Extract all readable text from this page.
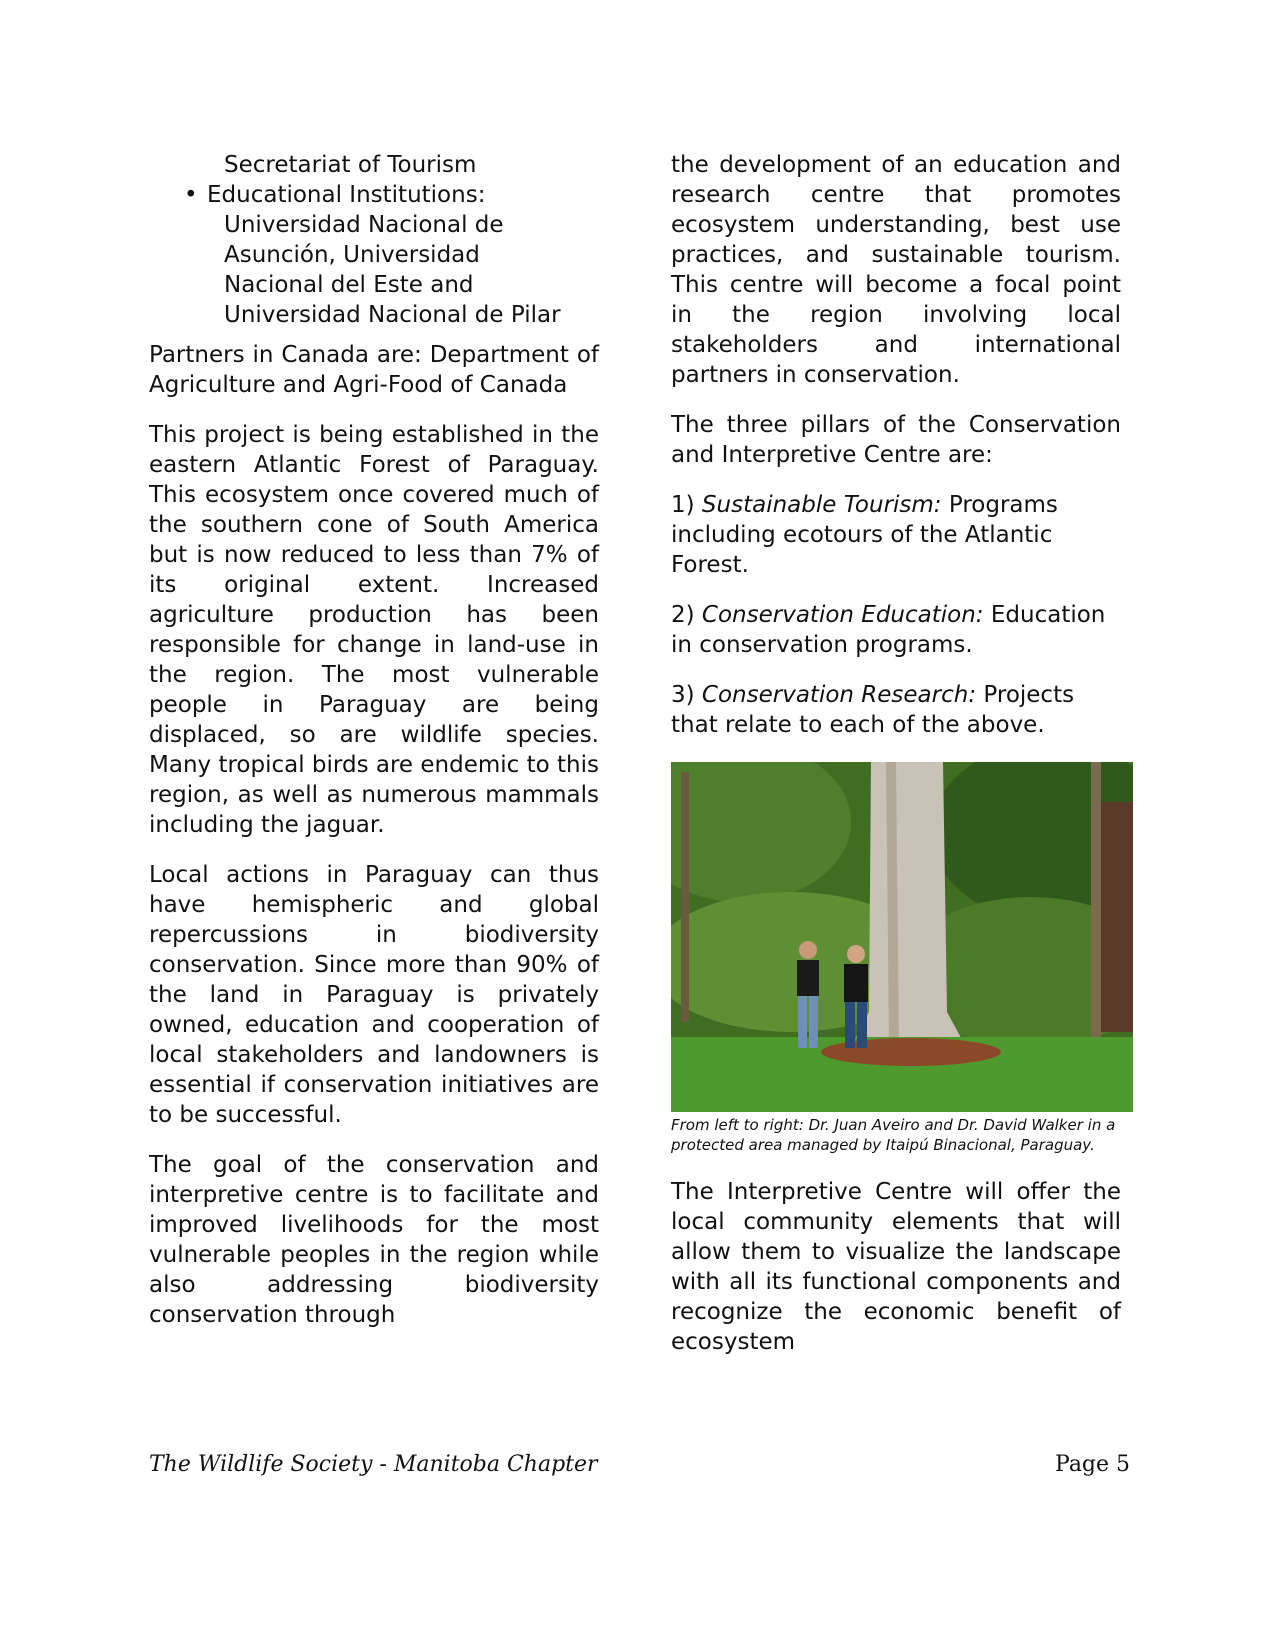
Secretariat of Tourism
• Educational Institutions:
Universidad Nacional de
Asunción, Universidad
Nacional del Este and
Universidad Nacional de Pilar

Partners in Canada are: Department of Agriculture and Agri-Food of Canada

This project is being established in the eastern Atlantic Forest of Paraguay. This ecosystem once covered much of the southern cone of South America but is now reduced to less than 7% of its original extent. Increased agriculture production has been responsible for change in land-use in the region. The most vulnerable people in Paraguay are being displaced, so are wildlife species. Many tropical birds are endemic to this region, as well as numerous mammals including the jaguar.

Local actions in Paraguay can thus have hemispheric and global repercussions in biodiversity conservation. Since more than 90% of the land in Paraguay is privately owned, education and cooperation of local stakeholders and landowners is essential if conservation initiatives are to be successful.

The goal of the conservation and interpretive centre is to facilitate and improved livelihoods for the most vulnerable peoples in the region while also addressing biodiversity conservation through

the development of an education and research centre that promotes ecosystem understanding, best use practices, and sustainable tourism. This centre will become a focal point in the region involving local stakeholders and international partners in conservation.

The three pillars of the Conservation and Interpretive Centre are:

1) Sustainable Tourism: Programs including ecotours of the Atlantic Forest.

2) Conservation Education: Education in conservation programs.

3) Conservation Research: Projects that relate to each of the above.

From left to right: Dr. Juan Aveiro and Dr. David Walker in a protected area managed by Itaipú Binacional, Paraguay.

The Interpretive Centre will offer the local community elements that will allow them to visualize the landscape with all its functional components and recognize the economic benefit of ecosystem

The Wildlife Society - Manitoba Chapter	Page 5
